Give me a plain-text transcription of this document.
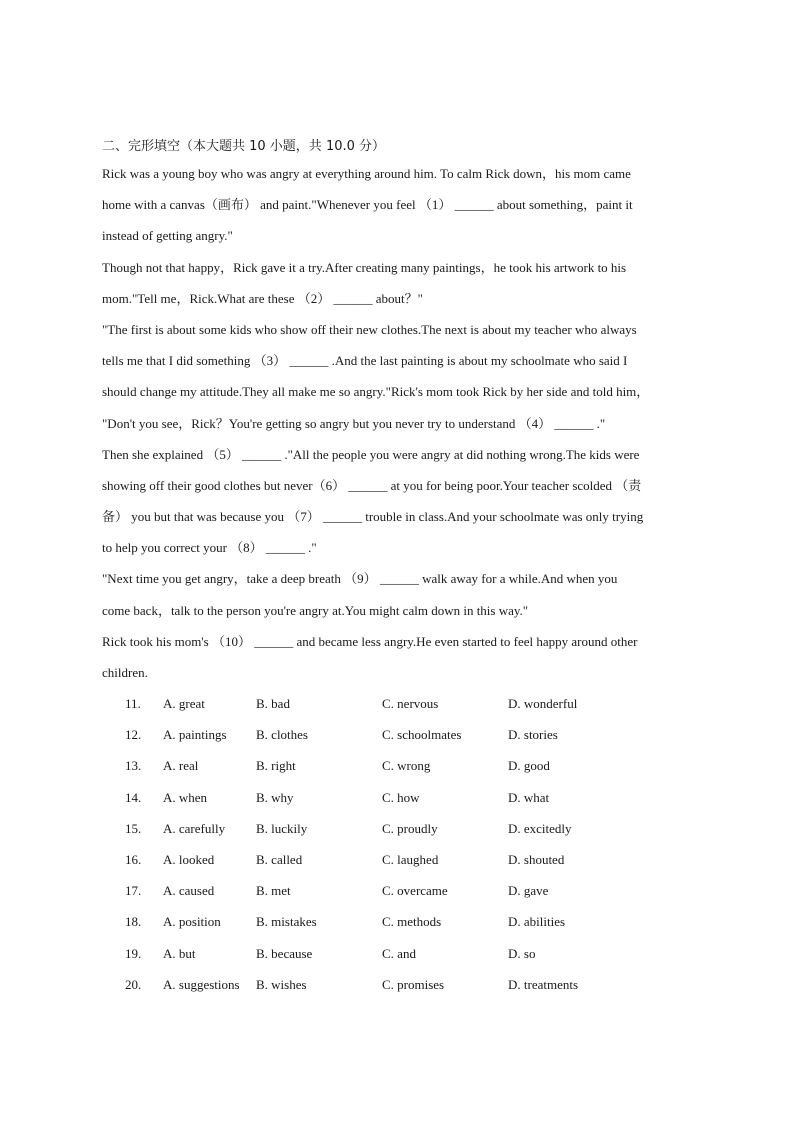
二、完形填空（本大题共 10 小题，共 10.0 分）
Rick was a young boy who was angry at everything around him. To calm Rick down，his mom came
home with a canvas（画布） and paint."Whenever you feel （1） ______ about something，paint it
instead of getting angry."
Though not that happy，Rick gave it a try.After creating many paintings，he took his artwork to his
mom."Tell me，Rick.What are these （2） ______ about？"
"The first is about some kids who show off their new clothes.The next is about my teacher who always
tells me that I did something （3） ______ .And the last painting is about my schoolmate who said I
should change my attitude.They all make me so angry."Rick's mom took Rick by her side and told him，
"Don't you see，Rick？You're getting so angry but you never try to understand （4） ______ ."
Then she explained （5） ______ ."All the people you were angry at did nothing wrong.The kids were
showing off their good clothes but never（6） ______ at you for being poor.Your teacher scolded （责
备） you but that was because you （7） ______ trouble in class.And your schoolmate was only trying
to help you correct your （8） ______ ."
"Next time you get angry，take a deep breath （9） ______ walk away for a while.And when you
come back，talk to the person you're angry at.You might calm down in this way."
Rick took his mom's （10） ______ and became less angry.He even started to feel happy around other
children.
11. A. great	B. bad	C. nervous	D. wonderful
12. A. paintings B. clothes	C. schoolmates	D. stories
13. A. real	B. right	C. wrong	D. good
14. A. when	B. why	C. how	D. what
15. A. carefully B. luckily	C. proudly	D. excitedly
16. A. looked	B. called	C. laughed	D. shouted
17. A. caused	B. met	C. overcame	D. gave
18. A. position	B. mistakes	C. methods	D. abilities
19. A. but	B. because	C. and	D. so
20. A. suggestions B. wishes	C. promises	D. treatments
